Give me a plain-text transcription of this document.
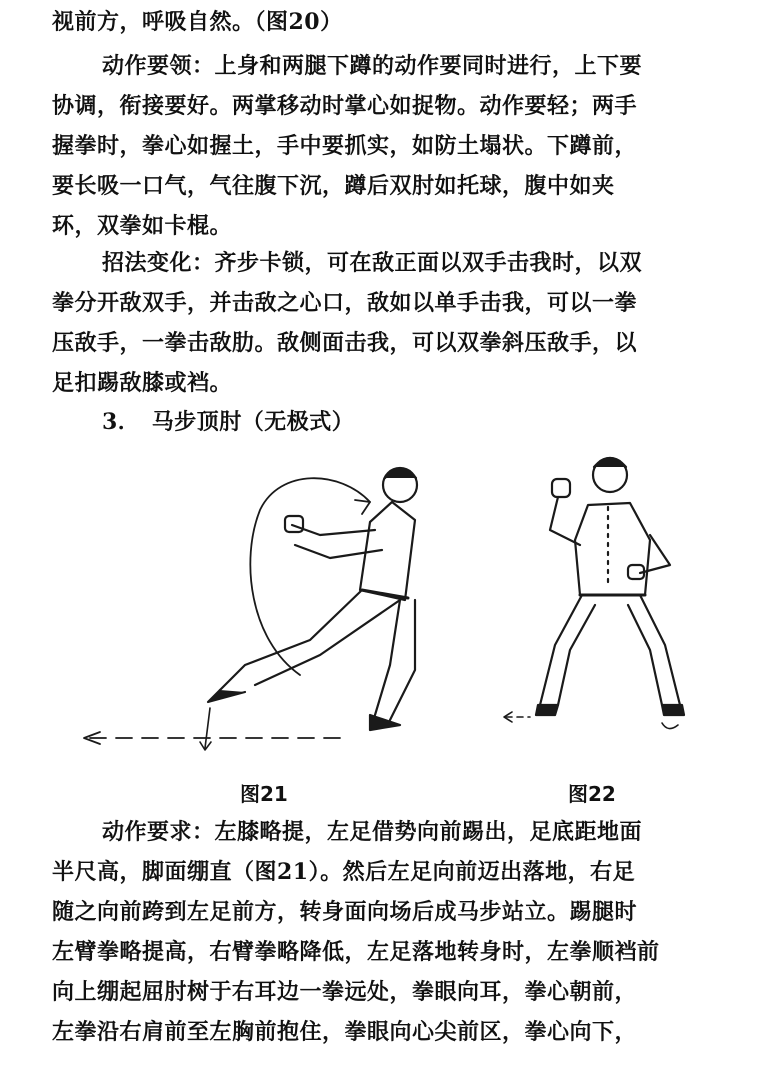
视前方，呼吸自然。（图20）
动作要领：上身和两腿下蹲的动作要同时进行，上下要
协调，衔接要好。两掌移动时掌心如捉物。动作要轻；两手
握拳时，拳心如握土，手中要抓实，如防土塌状。下蹲前，
要长吸一口气，气往腹下沉，蹲后双肘如托球，腹中如夹
环，双拳如卡棍。
招法变化：齐步卡锁，可在敌正面以双手击我时，以双
拳分开敌双手，并击敌之心口，敌如以单手击我，可以一拳
压敌手，一拳击敌肋。敌侧面击我，可以双拳斜压敌手，以
足扣踢敌膝或裆。
3．　马步顶肘（无极式）
图21	图22
动作要求：左膝略提，左足借势向前踢出，足底距地面
半尺高，脚面绷直（图21）。然后左足向前迈出落地，右足
随之向前跨到左足前方，转身面向场后成马步站立。踢腿时
左臂拳略提高，右臂拳略降低，左足落地转身时，左拳顺裆前
向上绷起屈肘树于右耳边一拳远处，拳眼向耳，拳心朝前，
左拳沿右肩前至左胸前抱住，拳眼向心尖前区，拳心向下，
